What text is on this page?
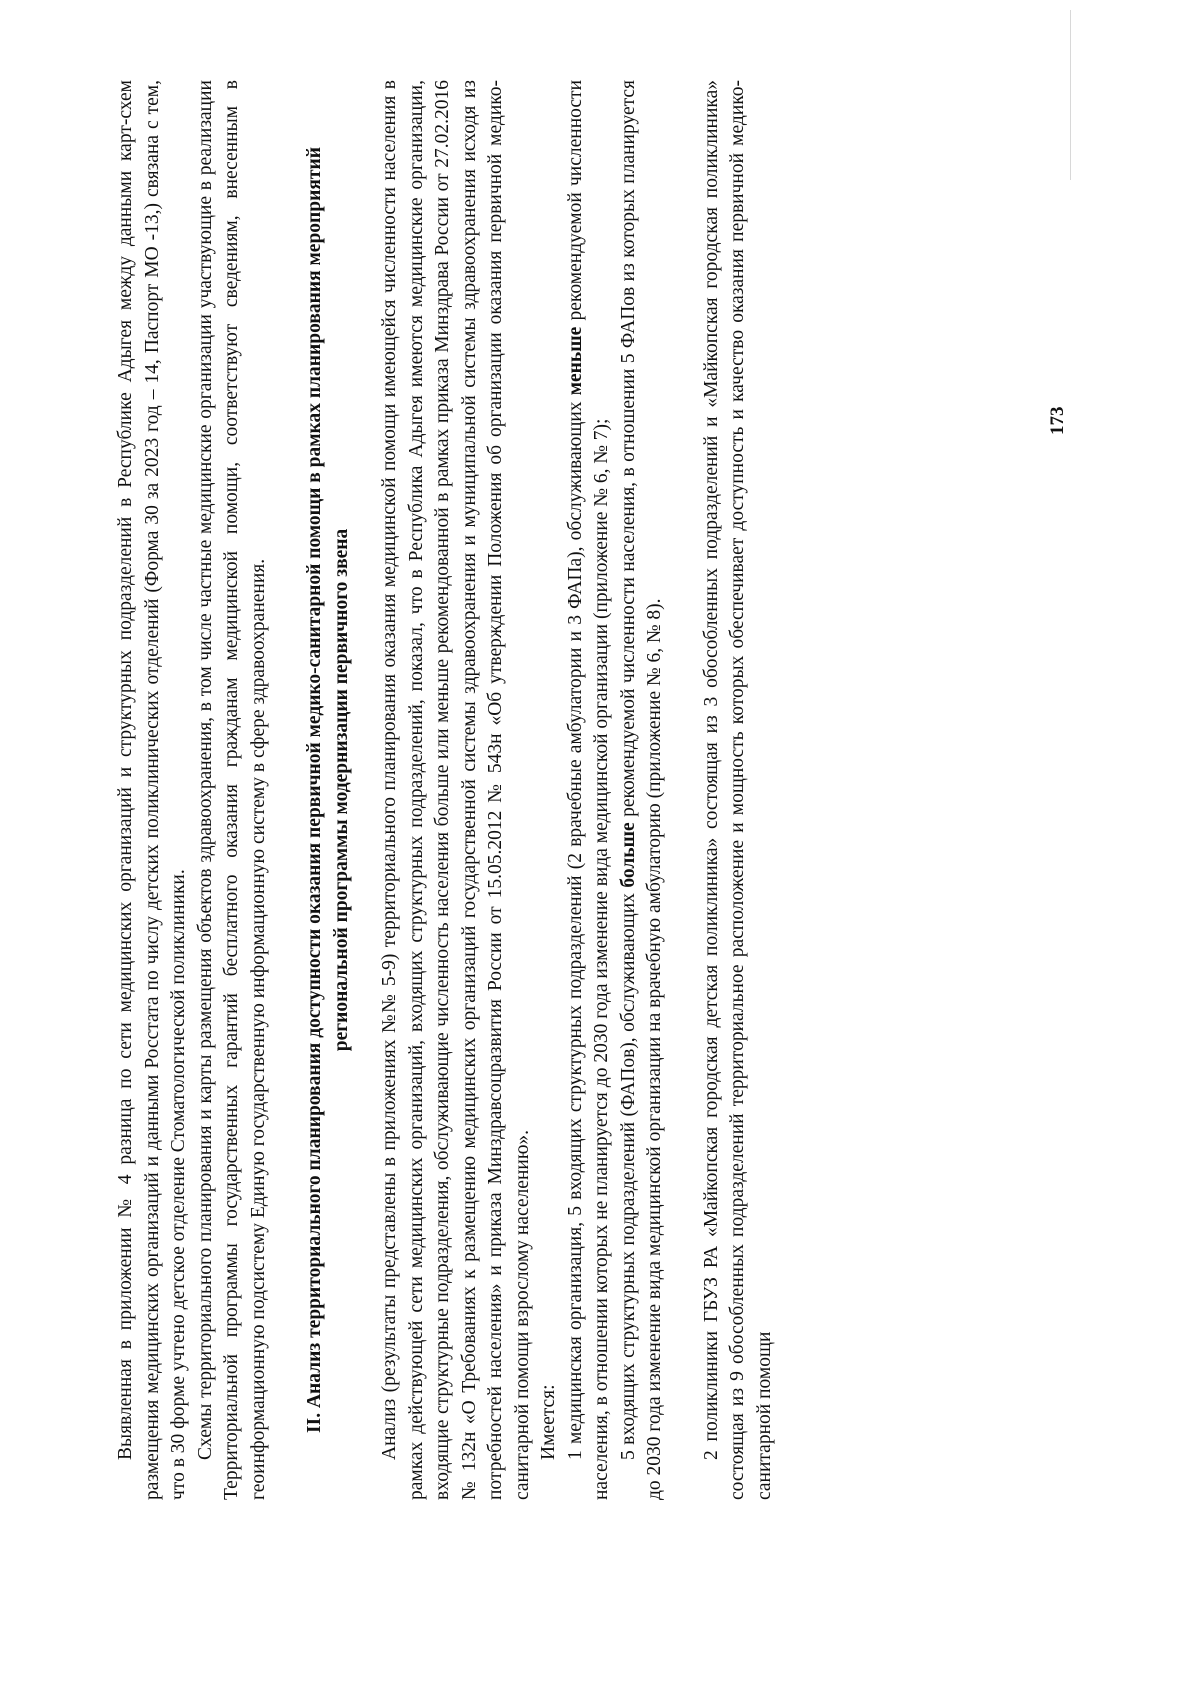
Выявленная в приложении № 4 разница по сети медицинских организаций и структурных подразделений в Республике Адыгея между данными карт-схем размещения медицинских организаций и данными Росстата по числу детских поликлинических отделений (Форма 30 за 2023 год – 14, Паспорт МО -13,) связана с тем, что в 30 форме учтено детское отделение Стоматологической поликлиники. Схемы территориального планирования и карты размещения объектов здравоохранения, в том числе частные медицинские организации участвующие в реализации Территориальной программы государственных гарантий бесплатного оказания гражданам медицинской помощи, соответствуют сведениям, внесенным в геоинформационную подсистему Единую государственную информационную систему в сфере здравоохранения. II. Анализ территориального планирования доступности оказания первичной медико-санитарной помощи в рамках планирования мероприятий региональной программы модернизации первичного звена Анализ (результаты представлены в приложениях №№ 5-9) территориального планирования оказания медицинской помощи имеющейся численности населения в рамках действующей сети медицинских организаций, входящих структурных подразделений, показал, что в Республика Адыгея имеются медицинские организации, входящие структурные подразделения, обслуживающие численность населения больше или меньше рекомендованной в рамках приказа Минздрава России от 27.02.2016 № 132н «О Требованиях к размещению медицинских организаций государственной системы здравоохранения и муниципальной системы здравоохранения исходя из потребностей населения» и приказа Минздравсоцразвития России от 15.05.2012 № 543н «Об утверждении Положения об организации оказания первичной медико-санитарной помощи взрослому населению». Имеется: 1 медицинская организация, 5 входящих структурных подразделений (2 врачебные амбулатории и 3 ФАПа), обслуживающих меньше рекомендуемой численности населения, в отношении которых не планируется до 2030 года изменение вида медицинской организации (приложение № 6, № 7); 5 входящих структурных подразделений (ФАПов), обслуживающих больше рекомендуемой численности населения, в отношении 5 ФАПов из которых планируется до 2030 года изменение вида медицинской организации на врачебную амбулаторию (приложение № 6, № 8). 2 поликлиники ГБУЗ РА «Майкопская городская детская поликлиника» состоящая из 3 обособленных подразделений и «Майкопская городская поликлиника» состоящая из 9 обособленных подразделений территориальное расположение и мощность которых обеспечивает доступность и качество оказания первичной медико-санитарной помощи

173
